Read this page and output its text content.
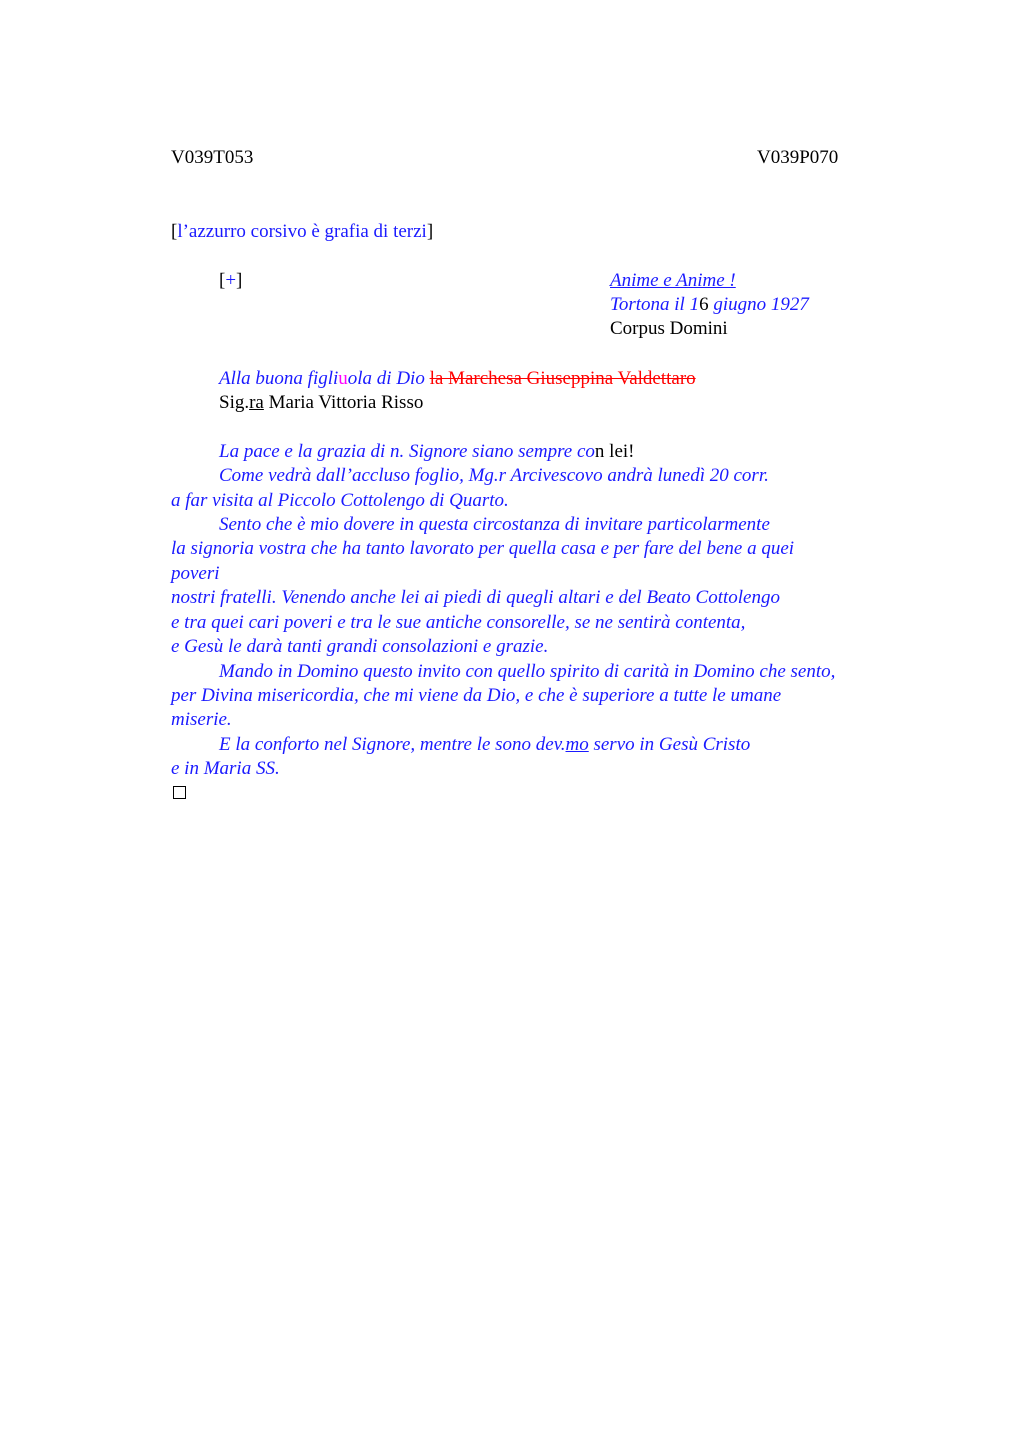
V039T053	V039P070
[l’azzurro corsivo è grafia di terzi]
[+]	Anime e Anime !
Tortona il 16 giugno 1927
Corpus Domini
Alla buona figliuola di Dio la Marchesa Giuseppina Valdettaro
Sig.ra Maria Vittoria Risso
La pace e la grazia di n. Signore siano sempre con lei!
Come vedrà dall’accluso foglio, Mg.r Arcivescovo andrà lunedì 20 corr.
a far visita al Piccolo Cottolengo di Quarto.
Sento che è mio dovere in questa circostanza di invitare particolarmente
la signoria vostra che ha tanto lavorato per quella casa e per fare del bene a quei
poveri
nostri fratelli. Venendo anche lei ai piedi di quegli altari e del Beato Cottolengo
e tra quei cari poveri e tra le sue antiche consorelle, se ne sentirà contenta,
e Gesù le darà tanti grandi consolazioni e grazie.
Mando in Domino questo invito con quello spirito di carità in Domino che sento,
per Divina misericordia, che mi viene da Dio, e che è superiore a tutte le umane
miserie.
E la conforto nel Signore, mentre le sono dev.mo servo in Gesù Cristo
e in Maria SS.
